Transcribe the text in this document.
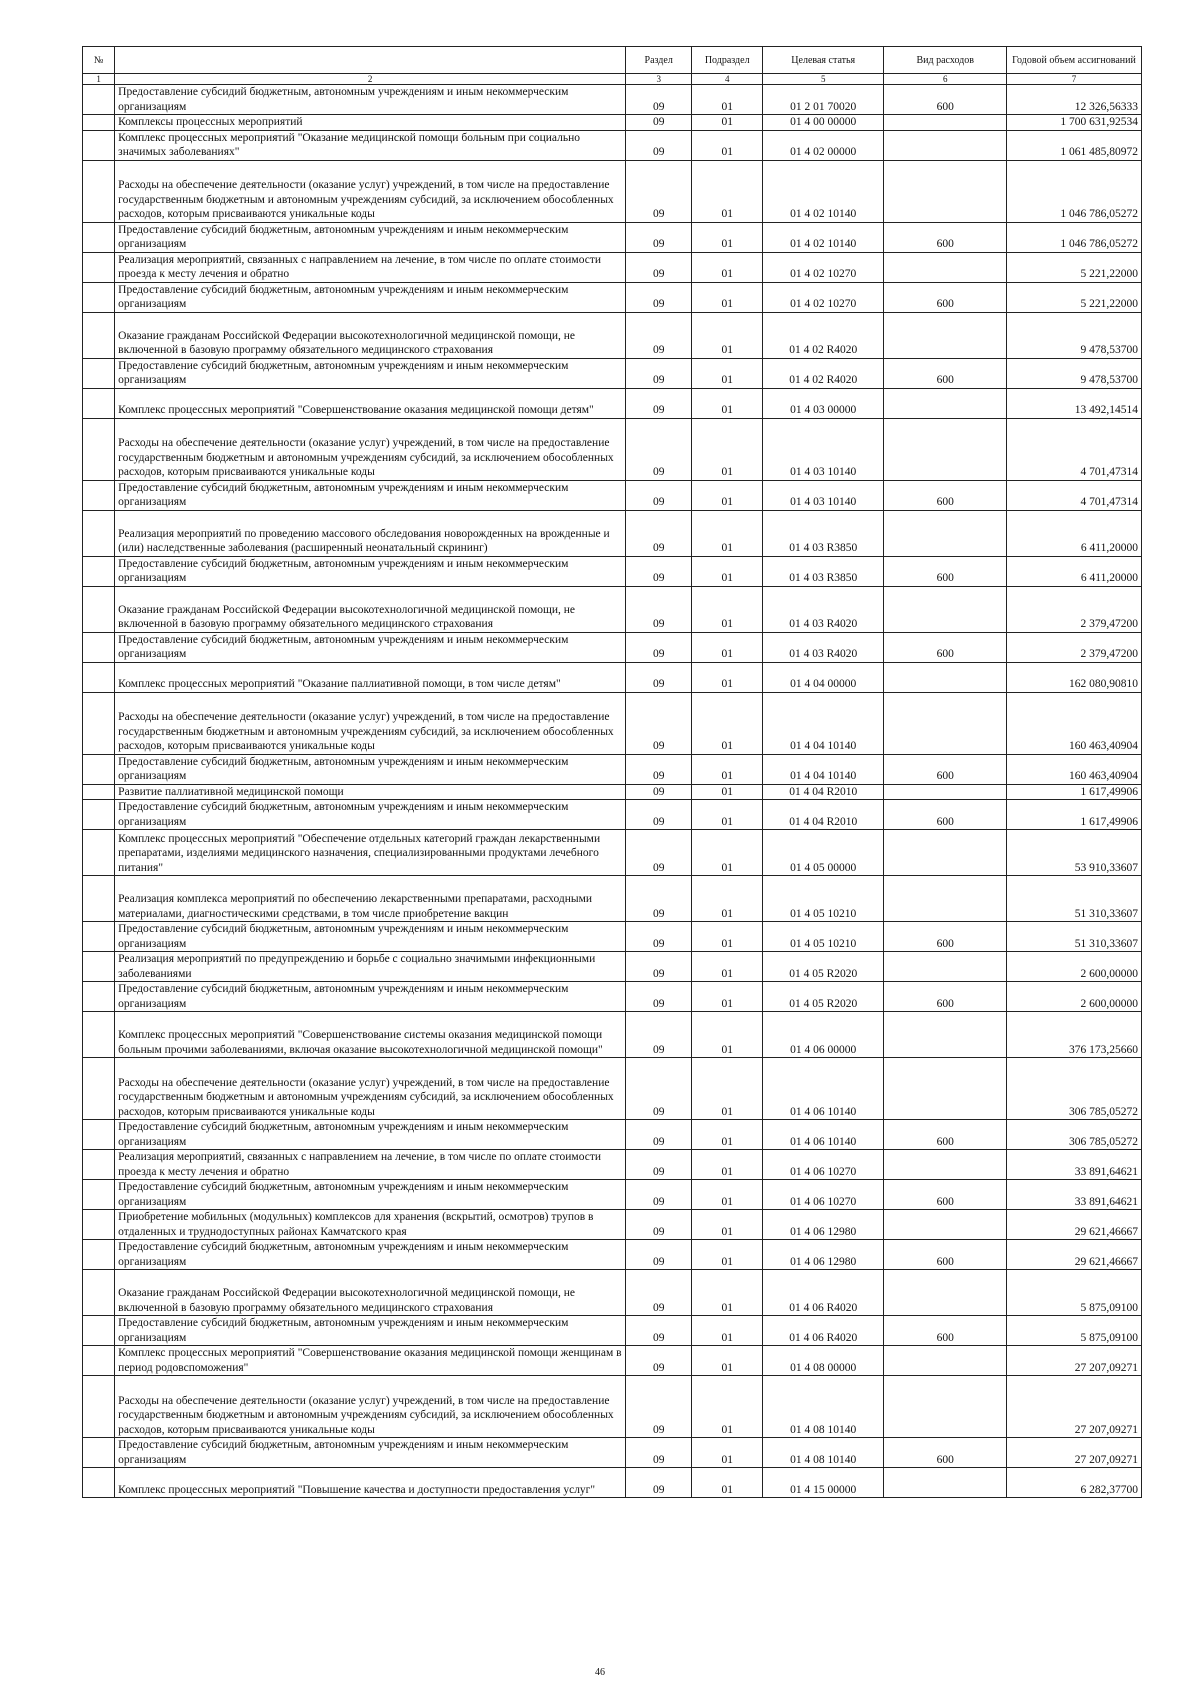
№		Раздел	Подраздел	Целевая статья	Вид расходов	Годовой объем ассигнований
1	2	3	4	5	6	7
	Предоставление субсидий бюджетным, автономным учреждениям и иным некоммерческим организациям	09	01	01 2 01 70020	600	12 326,56333
	Комплексы процессных мероприятий	09	01	01 4 00 00000		1 700 631,92534
	Комплекс процессных мероприятий "Оказание медицинской помощи больным при социально значимых заболеваниях"	09	01	01 4 02 00000		1 061 485,80972
	Расходы на обеспечение деятельности (оказание услуг) учреждений, в том числе на предоставление государственным бюджетным и автономным учреждениям субсидий, за исключением обособленных расходов, которым присваиваются уникальные коды	09	01	01 4 02 10140		1 046 786,05272
	Предоставление субсидий бюджетным, автономным учреждениям и иным некоммерческим организациям	09	01	01 4 02 10140	600	1 046 786,05272
	Реализация мероприятий, связанных с направлением на лечение, в том числе по оплате стоимости проезда к месту лечения и обратно	09	01	01 4 02 10270		5 221,22000
	Предоставление субсидий бюджетным, автономным учреждениям и иным некоммерческим организациям	09	01	01 4 02 10270	600	5 221,22000
	Оказание гражданам Российской Федерации высокотехнологичной медицинской помощи, не включенной в базовую программу обязательного медицинского страхования	09	01	01 4 02 R4020		9 478,53700
	Предоставление субсидий бюджетным, автономным учреждениям и иным некоммерческим организациям	09	01	01 4 02 R4020	600	9 478,53700
	Комплекс процессных мероприятий "Совершенствование оказания медицинской помощи детям"	09	01	01 4 03 00000		13 492,14514
	Расходы на обеспечение деятельности (оказание услуг) учреждений, в том числе на предоставление государственным бюджетным и автономным учреждениям субсидий, за исключением обособленных расходов, которым присваиваются уникальные коды	09	01	01 4 03 10140		4 701,47314
	Предоставление субсидий бюджетным, автономным учреждениям и иным некоммерческим организациям	09	01	01 4 03 10140	600	4 701,47314
	Реализация мероприятий по проведению массового обследования новорожденных на врожденные и (или) наследственные заболевания (расширенный неонатальный скрининг)	09	01	01 4 03 R3850		6 411,20000
	Предоставление субсидий бюджетным, автономным учреждениям и иным некоммерческим организациям	09	01	01 4 03 R3850	600	6 411,20000
	Оказание гражданам Российской Федерации высокотехнологичной медицинской помощи, не включенной в базовую программу обязательного медицинского страхования	09	01	01 4 03 R4020		2 379,47200
	Предоставление субсидий бюджетным, автономным учреждениям и иным некоммерческим организациям	09	01	01 4 03 R4020	600	2 379,47200
	Комплекс процессных мероприятий "Оказание паллиативной помощи, в том числе детям"	09	01	01 4 04 00000		162 080,90810
	Расходы на обеспечение деятельности (оказание услуг) учреждений, в том числе на предоставление государственным бюджетным и автономным учреждениям субсидий, за исключением обособленных расходов, которым присваиваются уникальные коды	09	01	01 4 04 10140		160 463,40904
	Предоставление субсидий бюджетным, автономным учреждениям и иным некоммерческим организациям	09	01	01 4 04 10140	600	160 463,40904
	Развитие паллиативной медицинской помощи	09	01	01 4 04 R2010		1 617,49906
	Предоставление субсидий бюджетным, автономным учреждениям и иным некоммерческим организациям	09	01	01 4 04 R2010	600	1 617,49906
	Комплекс процессных мероприятий "Обеспечение отдельных категорий граждан лекарственными препаратами, изделиями медицинского назначения, специализированными продуктами лечебного питания"	09	01	01 4 05 00000		53 910,33607
	Реализация комплекса мероприятий по обеспечению лекарственными препаратами, расходными материалами, диагностическими средствами, в том числе приобретение вакцин	09	01	01 4 05 10210		51 310,33607
	Предоставление субсидий бюджетным, автономным учреждениям и иным некоммерческим организациям	09	01	01 4 05 10210	600	51 310,33607
	Реализация мероприятий по предупреждению и борьбе с социально значимыми инфекционными заболеваниями	09	01	01 4 05 R2020		2 600,00000
	Предоставление субсидий бюджетным, автономным учреждениям и иным некоммерческим организациям	09	01	01 4 05 R2020	600	2 600,00000
	Комплекс процессных мероприятий "Совершенствование системы оказания медицинской помощи больным прочими заболеваниями, включая оказание высокотехнологичной медицинской помощи"	09	01	01 4 06 00000		376 173,25660
	Расходы на обеспечение деятельности (оказание услуг) учреждений, в том числе на предоставление государственным бюджетным и автономным учреждениям субсидий, за исключением обособленных расходов, которым присваиваются уникальные коды	09	01	01 4 06 10140		306 785,05272
	Предоставление субсидий бюджетным, автономным учреждениям и иным некоммерческим организациям	09	01	01 4 06 10140	600	306 785,05272
	Реализация мероприятий, связанных с направлением на лечение, в том числе по оплате стоимости проезда к месту лечения и обратно	09	01	01 4 06 10270		33 891,64621
	Предоставление субсидий бюджетным, автономным учреждениям и иным некоммерческим организациям	09	01	01 4 06 10270	600	33 891,64621
	Приобретение мобильных (модульных) комплексов для хранения (вскрытий, осмотров) трупов в отдаленных и труднодоступных районах Камчатского края	09	01	01 4 06 12980		29 621,46667
	Предоставление субсидий бюджетным, автономным учреждениям и иным некоммерческим организациям	09	01	01 4 06 12980	600	29 621,46667
	Оказание гражданам Российской Федерации высокотехнологичной медицинской помощи, не включенной в базовую программу обязательного медицинского страхования	09	01	01 4 06 R4020		5 875,09100
	Предоставление субсидий бюджетным, автономным учреждениям и иным некоммерческим организациям	09	01	01 4 06 R4020	600	5 875,09100
	Комплекс процессных мероприятий "Совершенствование оказания медицинской помощи женщинам в период родовспоможения"	09	01	01 4 08 00000		27 207,09271
	Расходы на обеспечение деятельности (оказание услуг) учреждений, в том числе на предоставление государственным бюджетным и автономным учреждениям субсидий, за исключением обособленных расходов, которым присваиваются уникальные коды	09	01	01 4 08 10140		27 207,09271
	Предоставление субсидий бюджетным, автономным учреждениям и иным некоммерческим организациям	09	01	01 4 08 10140	600	27 207,09271
	Комплекс процессных мероприятий "Повышение качества и доступности предоставления услуг"	09	01	01 4 15 00000		6 282,37700
46
